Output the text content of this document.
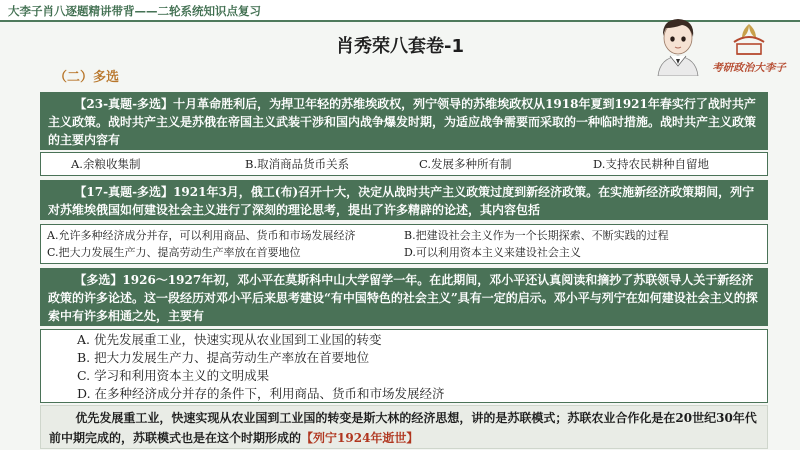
大李子肖八逐题精讲带背——二轮系统知识点复习
肖秀荣八套卷-1
考研政治大李子
（二）多选
【23-真题-多选】十月革命胜利后，为捍卫年轻的苏维埃政权，列宁领导的苏维埃政权从1918年夏到1921年春实行了战时共产主义政策。战时共产主义是苏俄在帝国主义武装干涉和国内战争爆发时期，为适应战争需要而采取的一种临时措施。战时共产主义政策的主要内容有
A.余粮收集制	B.取消商品货币关系	C.发展多种所有制	D.支持农民耕种自留地
【17-真题-多选】1921年3月，俄工(布)召开十大，决定从战时共产主义政策过度到新经济政策。在实施新经济政策期间，列宁对苏维埃俄国如何建设社会主义进行了深刻的理论思考，提出了许多精辟的论述，其内容包括
A.允许多种经济成分并存，可以利用商品、货币和市场发展经济	B.把建设社会主义作为一个长期探索、不断实践的过程
C.把大力发展生产力、提高劳动生产率放在首要地位	D.可以利用资本主义来建设社会主义
【多选】1926～1927年初，邓小平在莫斯科中山大学留学一年。在此期间，邓小平还认真阅读和摘抄了苏联领导人关于新经济政策的许多论述。这一段经历对邓小平后来思考建设“有中国特色的社会主义”具有一定的启示。邓小平与列宁在如何建设社会主义的探索中有许多相通之处，主要有
A. 优先发展重工业，快速实现从农业国到工业国的转变
B. 把大力发展生产力、提高劳动生产率放在首要地位
C. 学习和利用资本主义的文明成果
D. 在多种经济成分并存的条件下，利用商品、货币和市场发展经济
优先发展重工业，快速实现从农业国到工业国的转变是斯大林的经济思想，讲的是苏联模式；苏联农业合作化是在20世纪30年代前中期完成的，苏联模式也是在这个时期形成的【列宁1924年逝世】
